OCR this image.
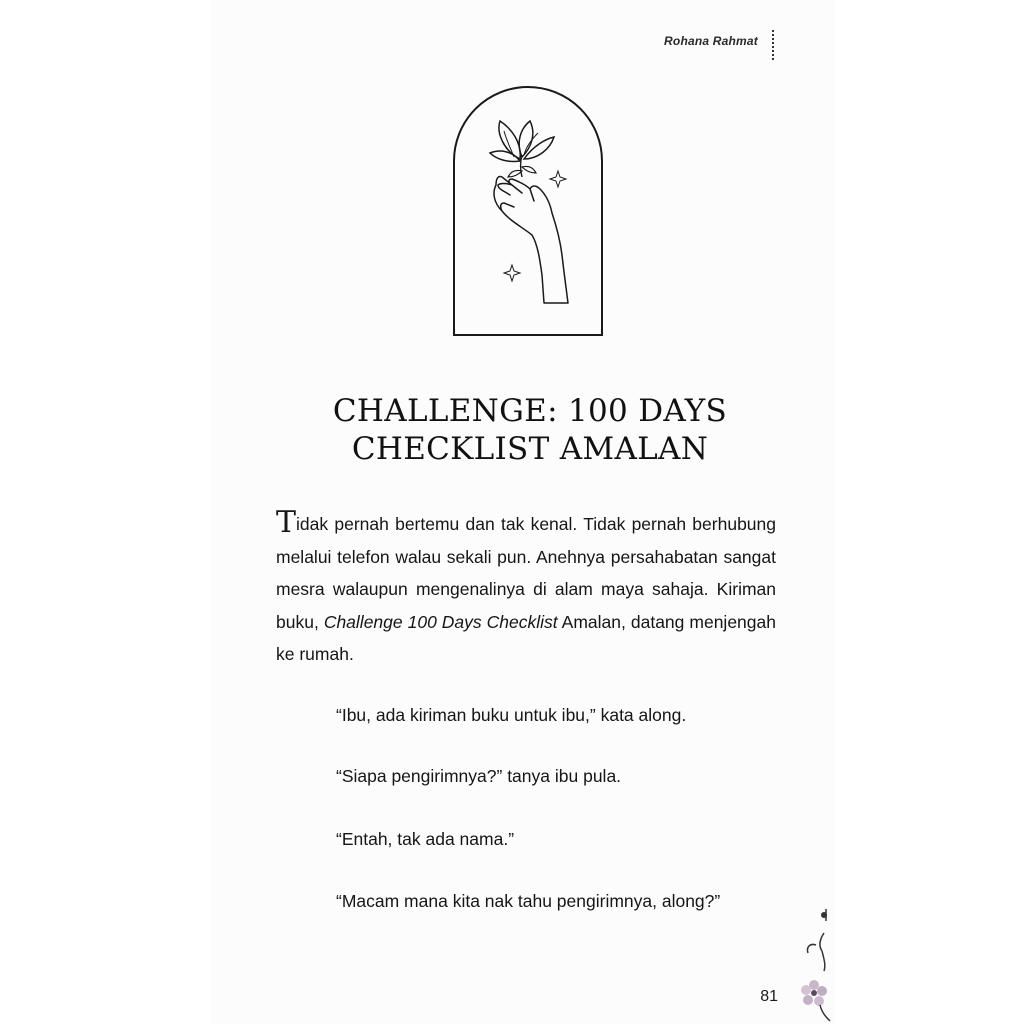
Rohana Rahmat
CHALLENGE: 100 DAYS
CHECKLIST AMALAN

Tidak pernah bertemu dan tak kenal. Tidak pernah berhubung melalui telefon walau sekali pun. Anehnya persahabatan sangat mesra walaupun mengenalinya di alam maya sahaja. Kiriman buku, Challenge 100 Days Checklist Amalan, datang menjengah ke rumah.

“Ibu, ada kiriman buku untuk ibu,” kata along.
“Siapa pengirimnya?” tanya ibu pula.
“Entah, tak ada nama.”
“Macam mana kita nak tahu pengirimnya, along?”
81
